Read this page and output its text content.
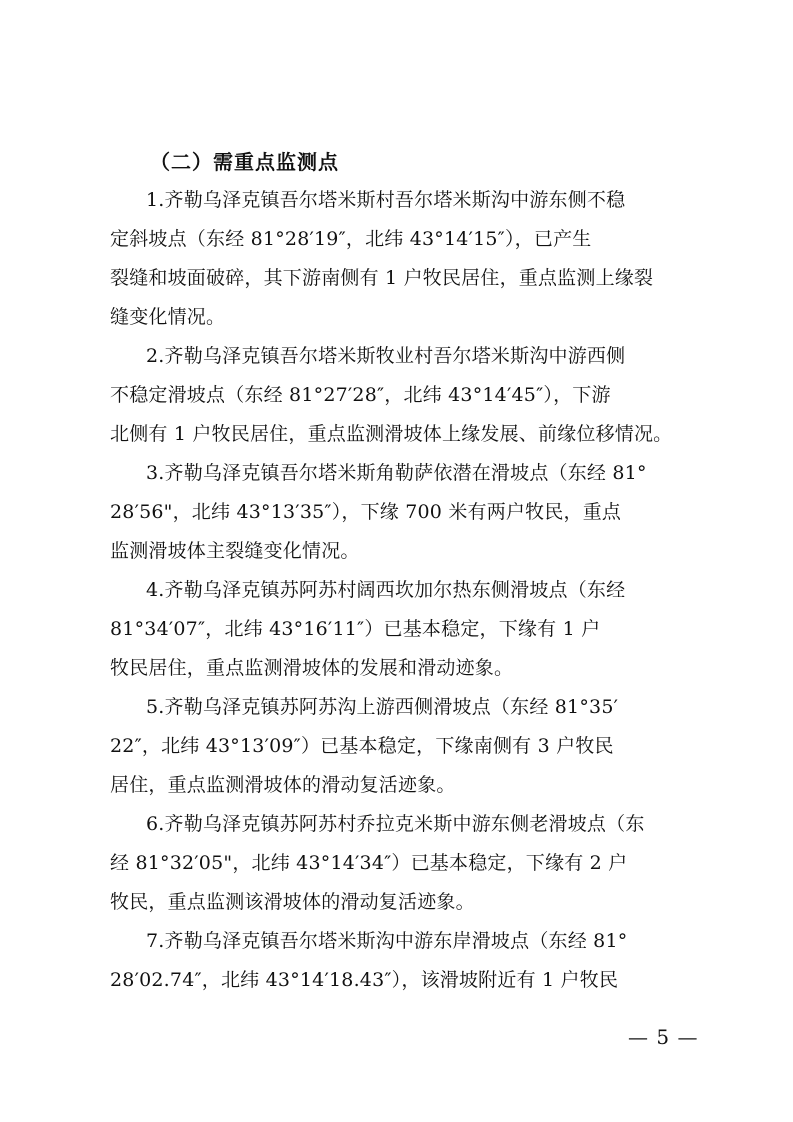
（二）需重点监测点
1.齐勒乌泽克镇吾尔塔米斯村吾尔塔米斯沟中游东侧不稳
定斜坡点（东经 81°28′19″，北纬 43°14′15″），已产生
裂缝和坡面破碎，其下游南侧有 1 户牧民居住，重点监测上缘裂
缝变化情况。
2.齐勒乌泽克镇吾尔塔米斯牧业村吾尔塔米斯沟中游西侧
不稳定滑坡点（东经 81°27′28″，北纬 43°14′45″），下游
北侧有 1 户牧民居住，重点监测滑坡体上缘发展、前缘位移情况。
3.齐勒乌泽克镇吾尔塔米斯角勒萨依潜在滑坡点（东经 81°
28′56"，北纬 43°13′35″），下缘 700 米有两户牧民，重点
监测滑坡体主裂缝变化情况。
4.齐勒乌泽克镇苏阿苏村阔西坎加尔热东侧滑坡点（东经
81°34′07″，北纬 43°16′11″）已基本稳定，下缘有 1 户
牧民居住，重点监测滑坡体的发展和滑动迹象。
5.齐勒乌泽克镇苏阿苏沟上游西侧滑坡点（东经 81°35′
22″，北纬 43°13′09″）已基本稳定，下缘南侧有 3 户牧民
居住，重点监测滑坡体的滑动复活迹象。
6.齐勒乌泽克镇苏阿苏村乔拉克米斯中游东侧老滑坡点（东
经 81°32′05"，北纬 43°14′34″）已基本稳定，下缘有 2 户
牧民，重点监测该滑坡体的滑动复活迹象。
7.齐勒乌泽克镇吾尔塔米斯沟中游东岸滑坡点（东经 81°
28′02.74″，北纬 43°14′18.43″），该滑坡附近有 1 户牧民
— 5 —
